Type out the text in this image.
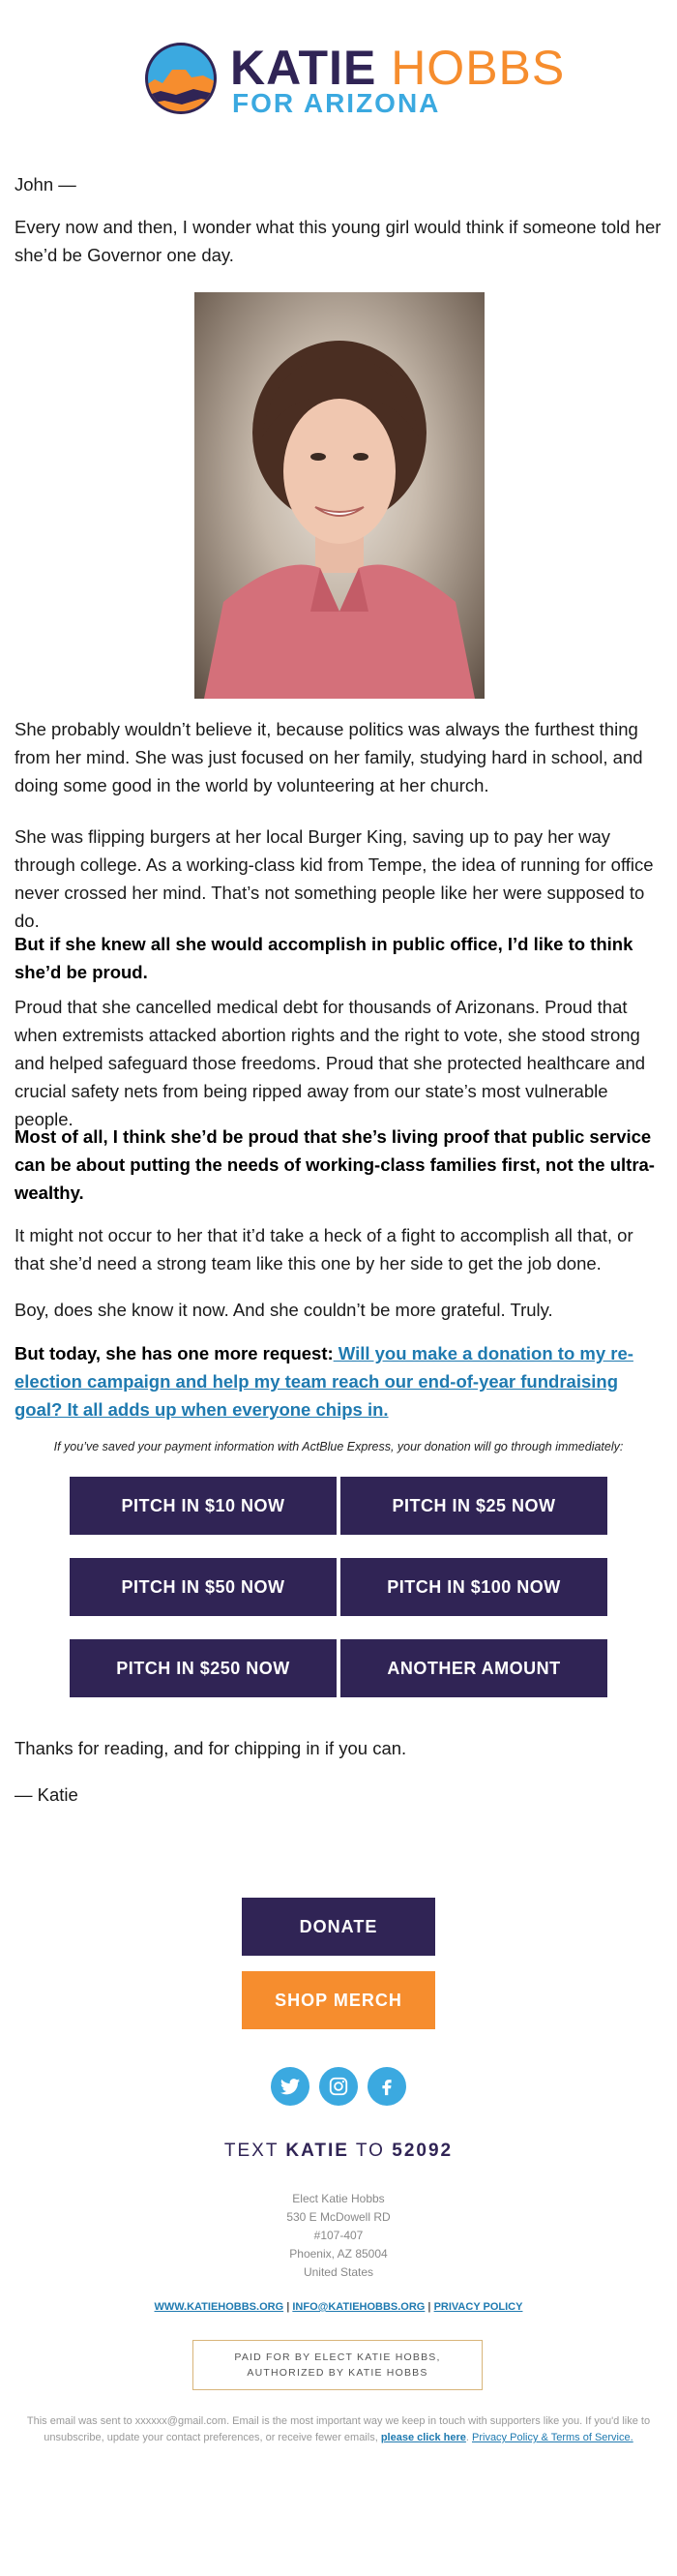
KATIE HOBBS
FOR ARIZONA

John —

Every now and then, I wonder what this young girl would think if someone told her she’d be Governor one day.

She probably wouldn’t believe it, because politics was always the furthest thing from her mind. She was just focused on her family, studying hard in school, and doing some good in the world by volunteering at her church.

She was flipping burgers at her local Burger King, saving up to pay her way through college. As a working-class kid from Tempe, the idea of running for office never crossed her mind. That’s not something people like her were supposed to do.

But if she knew all she would accomplish in public office, I’d like to think she’d be proud.

Proud that she cancelled medical debt for thousands of Arizonans. Proud that when extremists attacked abortion rights and the right to vote, she stood strong and helped safeguard those freedoms. Proud that she protected healthcare and crucial safety nets from being ripped away from our state’s most vulnerable people.

Most of all, I think she’d be proud that she’s living proof that public service can be about putting the needs of working-class families first, not the ultra-wealthy.

It might not occur to her that it’d take a heck of a fight to accomplish all that, or that she’d need a strong team like this one by her side to get the job done.

Boy, does she know it now. And she couldn’t be more grateful. Truly.

But today, she has one more request: Will you make a donation to my re-election campaign and help my team reach our end-of-year fundraising goal? It all adds up when everyone chips in.

If you’ve saved your payment information with ActBlue Express, your donation will go through immediately:
PITCH IN $10 NOW	PITCH IN $25 NOW
PITCH IN $50 NOW	PITCH IN $100 NOW
PITCH IN $250 NOW	ANOTHER AMOUNT

Thanks for reading, and for chipping in if you can.

— Katie

DONATE
SHOP MERCH
TEXT KATIE TO 52092
Elect Katie Hobbs
530 E McDowell RD
#107-407
Phoenix, AZ 85004
United States
WWW.KATIEHOBBS.ORG | INFO@KATIEHOBBS.ORG | PRIVACY POLICY
PAID FOR BY ELECT KATIE HOBBS,
AUTHORIZED BY KATIE HOBBS
This email was sent to xxxxxx@gmail.com. Email is the most important way we keep in touch with supporters like you. If you'd like to unsubscribe, update your contact preferences, or receive fewer emails, please click here. Privacy Policy & Terms of Service.
